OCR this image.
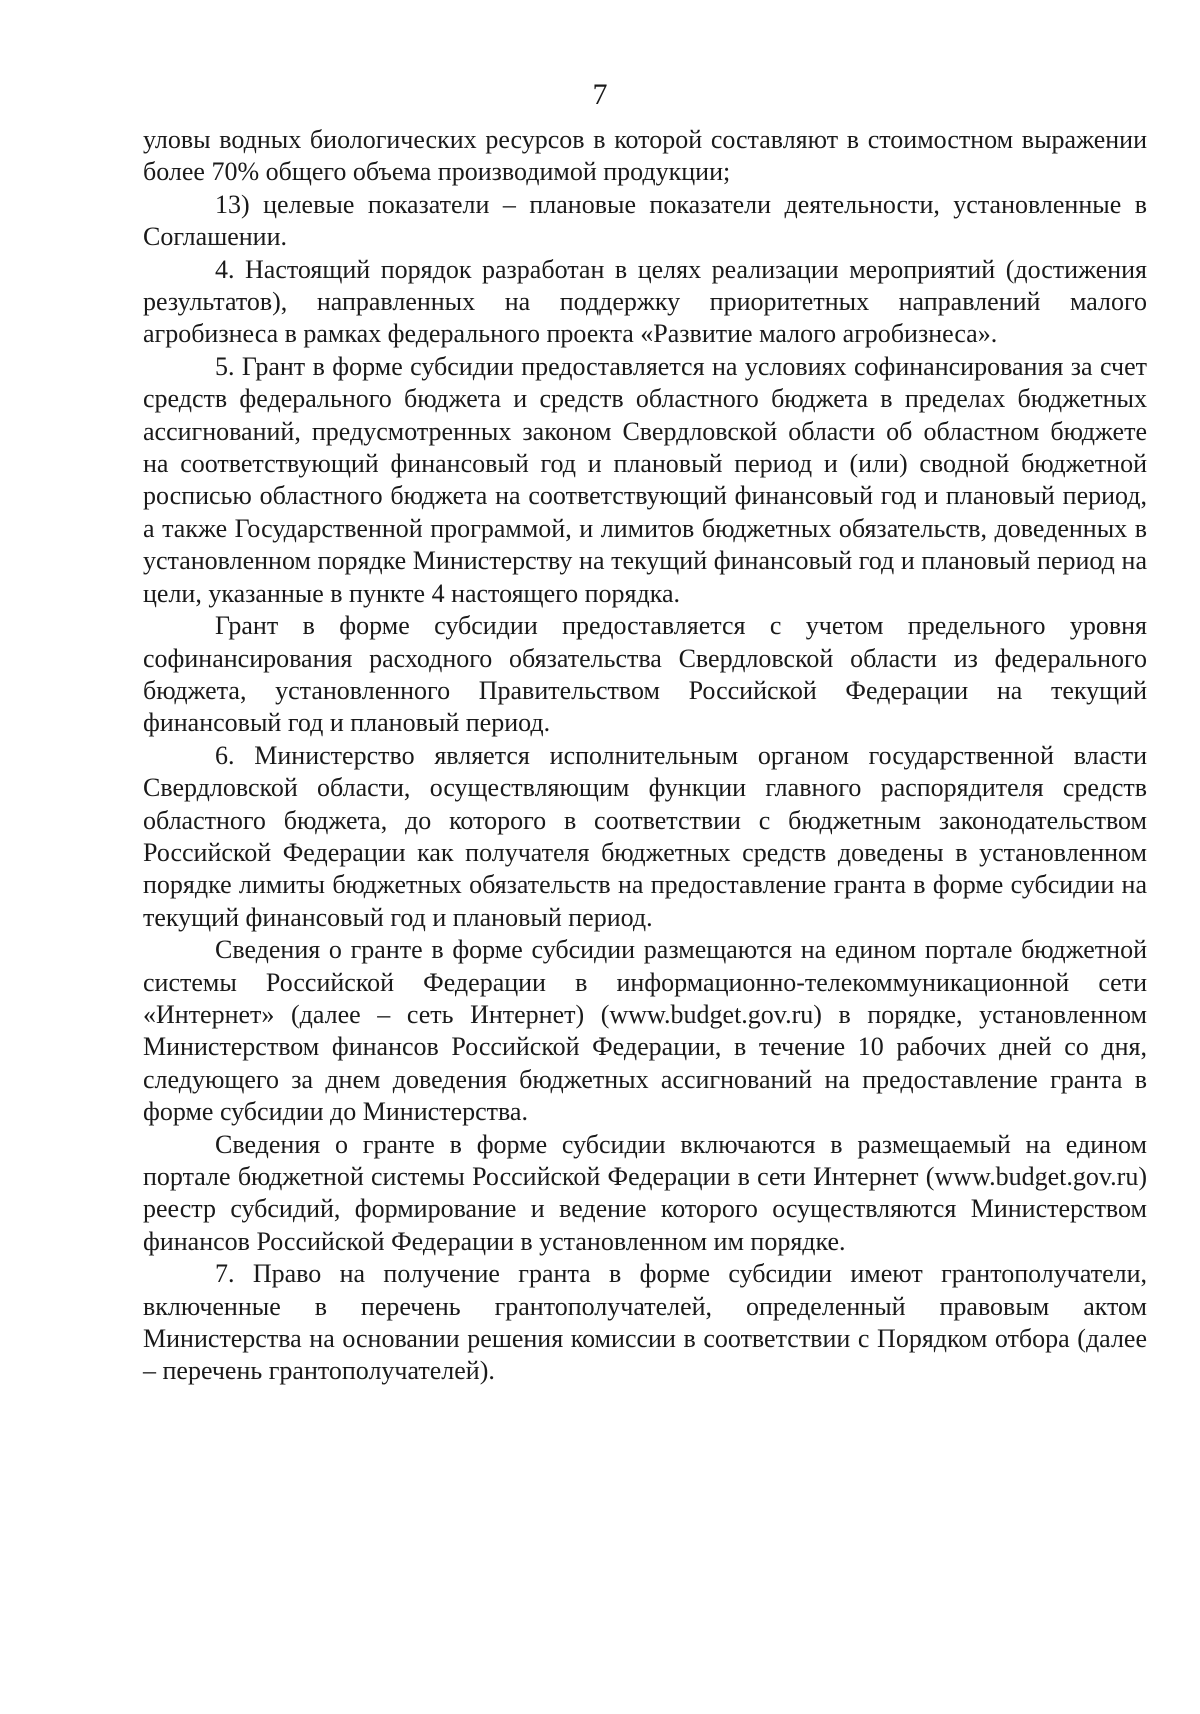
7

уловы водных биологических ресурсов в которой составляют в стоимостном выражении более 70% общего объема производимой продукции;

13) целевые показатели – плановые показатели деятельности, установленные в Соглашении.

4. Настоящий порядок разработан в целях реализации мероприятий (достижения результатов), направленных на поддержку приоритетных направлений малого агробизнеса в рамках федерального проекта «Развитие малого агробизнеса».

5. Грант в форме субсидии предоставляется на условиях софинансирования за счет средств федерального бюджета и средств областного бюджета в пределах бюджетных ассигнований, предусмотренных законом Свердловской области об областном бюджете на соответствующий финансовый год и плановый период и (или) сводной бюджетной росписью областного бюджета на соответствующий финансовый год и плановый период, а также Государственной программой, и лимитов бюджетных обязательств, доведенных в установленном порядке Министерству на текущий финансовый год и плановый период на цели, указанные в пункте 4 настоящего порядка.

Грант в форме субсидии предоставляется с учетом предельного уровня софинансирования расходного обязательства Свердловской области из федерального бюджета, установленного Правительством Российской Федерации на текущий финансовый год и плановый период.

6. Министерство является исполнительным органом государственной власти Свердловской области, осуществляющим функции главного распорядителя средств областного бюджета, до которого в соответствии с бюджетным законодательством Российской Федерации как получателя бюджетных средств доведены в установленном порядке лимиты бюджетных обязательств на предоставление гранта в форме субсидии на текущий финансовый год и плановый период.

Сведения о гранте в форме субсидии размещаются на едином портале бюджетной системы Российской Федерации в информационно-телекоммуникационной сети «Интернет» (далее – сеть Интернет) (www.budget.gov.ru) в порядке, установленном Министерством финансов Российской Федерации, в течение 10 рабочих дней со дня, следующего за днем доведения бюджетных ассигнований на предоставление гранта в форме субсидии до Министерства.

Сведения о гранте в форме субсидии включаются в размещаемый на едином портале бюджетной системы Российской Федерации в сети Интернет (www.budget.gov.ru) реестр субсидий, формирование и ведение которого осуществляются Министерством финансов Российской Федерации в установленном им порядке.

7. Право на получение гранта в форме субсидии имеют грантополучатели, включенные в перечень грантополучателей, определенный правовым актом Министерства на основании решения комиссии в соответствии с Порядком отбора (далее – перечень грантополучателей).
